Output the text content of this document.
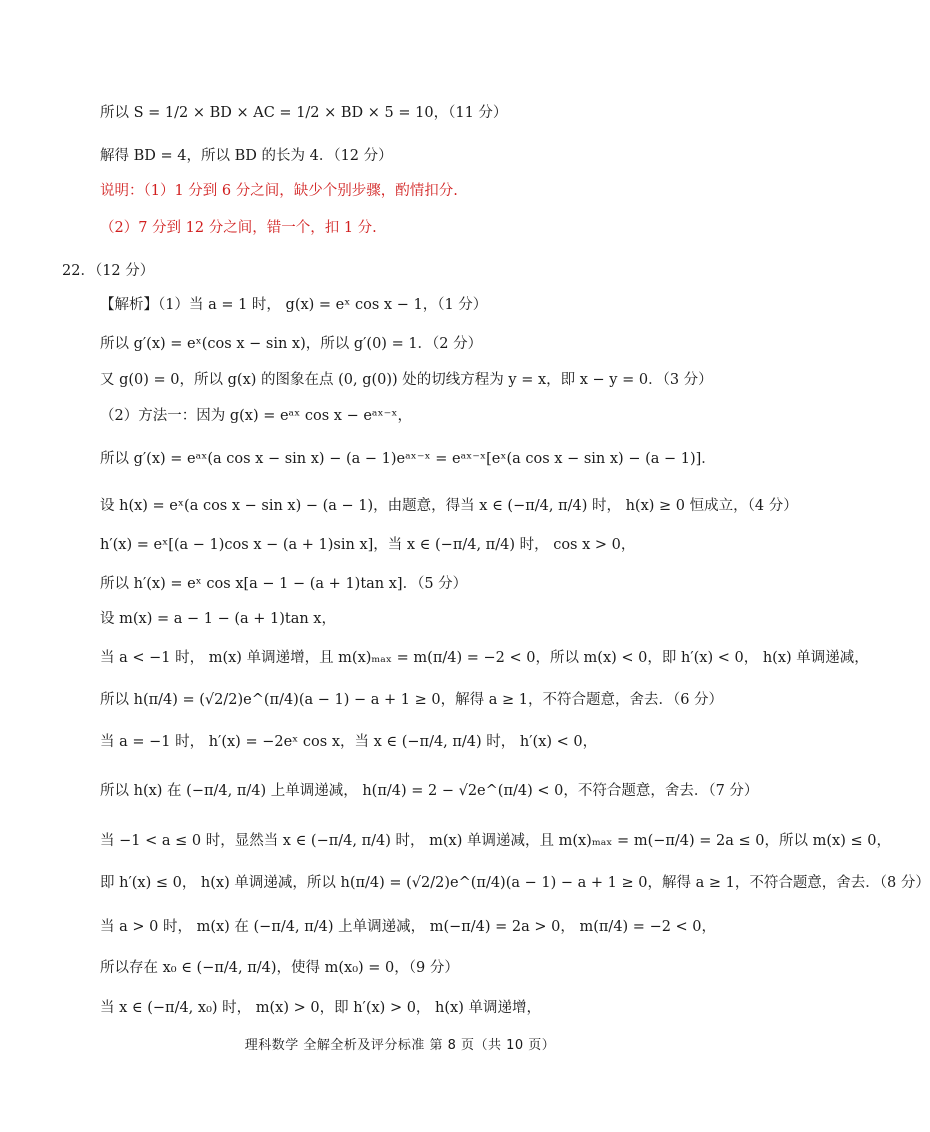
所以 S = 1/2 × BD × AC = 1/2 × BD × 5 = 10，（11 分）
解得 BD = 4，所以 BD 的长为 4．（12 分）
说明：（1）1 分到 6 分之间，缺少个别步骤，酌情扣分.
（2）7 分到 12 分之间，错一个，扣 1 分.
22．（12 分）
【解析】（1）当 a = 1 时， g(x) = eˣ cos x − 1，（1 分）
所以 g′(x) = eˣ(cos x − sin x)，所以 g′(0) = 1．（2 分）
又 g(0) = 0，所以 g(x) 的图象在点 (0, g(0)) 处的切线方程为 y = x，即 x − y = 0．（3 分）
（2）方法一：因为 g(x) = eᵃˣ cos x − eᵃˣ⁻ˣ，
所以 g′(x) = eᵃˣ(a cos x − sin x) − (a − 1)eᵃˣ⁻ˣ = eᵃˣ⁻ˣ[eˣ(a cos x − sin x) − (a − 1)]．
设 h(x) = eˣ(a cos x − sin x) − (a − 1)，由题意，得当 x ∈ (−π/4, π/4) 时， h(x) ≥ 0 恒成立，（4 分）
h′(x) = eˣ[(a − 1)cos x − (a + 1)sin x]，当 x ∈ (−π/4, π/4) 时， cos x > 0，
所以 h′(x) = eˣ cos x[a − 1 − (a + 1)tan x]．（5 分）
设 m(x) = a − 1 − (a + 1)tan x，
当 a < −1 时， m(x) 单调递增，且 m(x)ₘₐₓ = m(π/4) = −2 < 0，所以 m(x) < 0，即 h′(x) < 0， h(x) 单调递减，
所以 h(π/4) = (√2/2)e^(π/4)(a − 1) − a + 1 ≥ 0，解得 a ≥ 1，不符合题意，舍去．（6 分）
当 a = −1 时， h′(x) = −2eˣ cos x，当 x ∈ (−π/4, π/4) 时， h′(x) < 0，
所以 h(x) 在 (−π/4, π/4) 上单调递减， h(π/4) = 2 − √2e^(π/4) < 0，不符合题意，舍去．（7 分）
当 −1 < a ≤ 0 时，显然当 x ∈ (−π/4, π/4) 时， m(x) 单调递减，且 m(x)ₘₐₓ = m(−π/4) = 2a ≤ 0，所以 m(x) ≤ 0，
即 h′(x) ≤ 0， h(x) 单调递减，所以 h(π/4) = (√2/2)e^(π/4)(a − 1) − a + 1 ≥ 0，解得 a ≥ 1，不符合题意，舍去．（8 分）
当 a > 0 时， m(x) 在 (−π/4, π/4) 上单调递减， m(−π/4) = 2a > 0， m(π/4) = −2 < 0，
所以存在 x₀ ∈ (−π/4, π/4)，使得 m(x₀) = 0，（9 分）
当 x ∈ (−π/4, x₀) 时， m(x) > 0，即 h′(x) > 0， h(x) 单调递增，
理科数学 全解全析及评分标准 第 8 页（共 10 页）
